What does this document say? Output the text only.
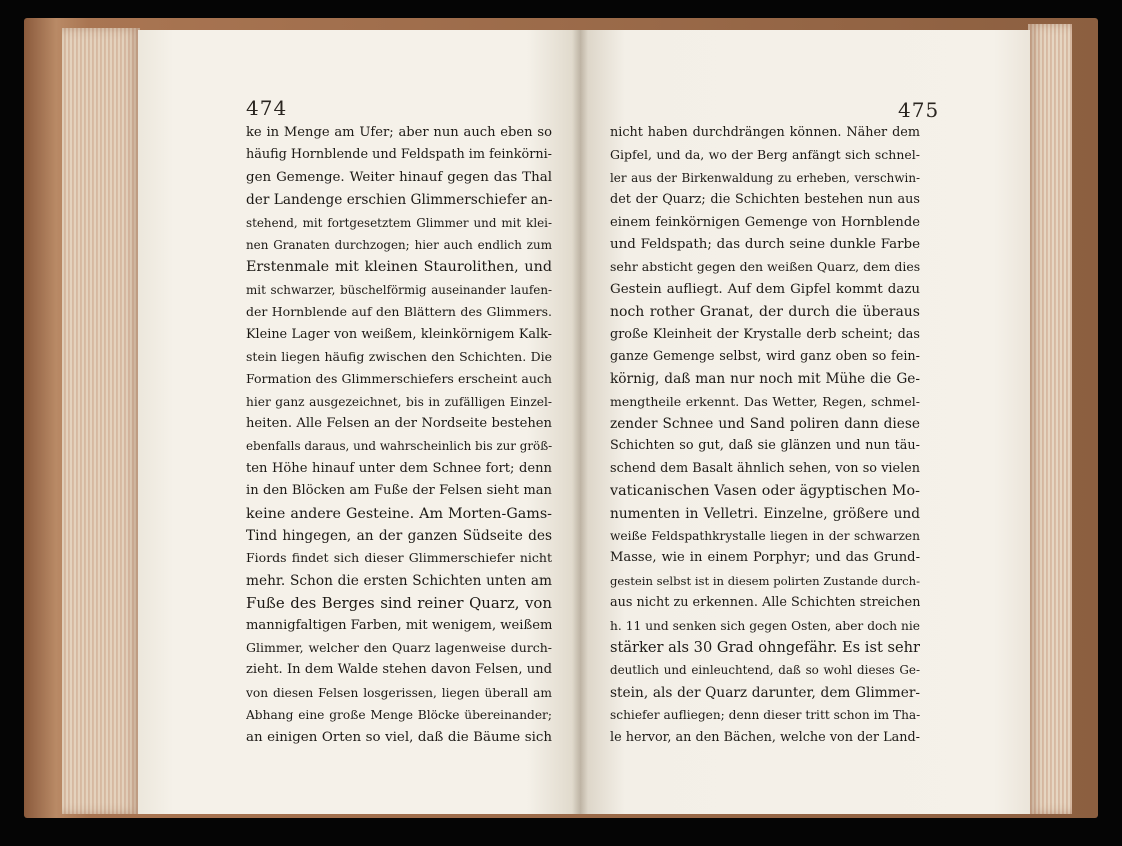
474	475
ke in Menge am Ufer; aber nun auch eben so
häufig Hornblende und Feldspath im feinkörni-
gen Gemenge. Weiter hinauf gegen das Thal
der Landenge erschien Glimmerschiefer an-
stehend, mit fortgesetztem Glimmer und mit klei-
nen Granaten durchzogen; hier auch endlich zum
Erstenmale mit kleinen Staurolithen, und
mit schwarzer, büschelförmig auseinander laufen-
der Hornblende auf den Blättern des Glimmers.
Kleine Lager von weißem, kleinkörnigem Kalk-
stein liegen häufig zwischen den Schichten. Die
Formation des Glimmerschiefers erscheint auch
hier ganz ausgezeichnet, bis in zufälligen Einzel-
heiten. Alle Felsen an der Nordseite bestehen
ebenfalls daraus, und wahrscheinlich bis zur größ-
ten Höhe hinauf unter dem Schnee fort; denn
in den Blöcken am Fuße der Felsen sieht man
keine andere Gesteine. Am Morten-Gams-
Tind hingegen, an der ganzen Südseite des
Fiords findet sich dieser Glimmerschiefer nicht
mehr. Schon die ersten Schichten unten am
Fuße des Berges sind reiner Quarz, von
mannigfaltigen Farben, mit wenigem, weißem
Glimmer, welcher den Quarz lagenweise durch-
zieht. In dem Walde stehen davon Felsen, und
von diesen Felsen losgerissen, liegen überall am
Abhang eine große Menge Blöcke übereinander;
an einigen Orten so viel, daß die Bäume sich
nicht haben durchdrängen können. Näher dem
Gipfel, und da, wo der Berg anfängt sich schnel-
ler aus der Birkenwaldung zu erheben, verschwin-
det der Quarz; die Schichten bestehen nun aus
einem feinkörnigen Gemenge von Hornblende
und Feldspath; das durch seine dunkle Farbe
sehr absticht gegen den weißen Quarz, dem dies
Gestein aufliegt. Auf dem Gipfel kommt dazu
noch rother Granat, der durch die überaus
große Kleinheit der Krystalle derb scheint; das
ganze Gemenge selbst, wird ganz oben so fein-
körnig, daß man nur noch mit Mühe die Ge-
mengtheile erkennt. Das Wetter, Regen, schmel-
zender Schnee und Sand poliren dann diese
Schichten so gut, daß sie glänzen und nun täu-
schend dem Basalt ähnlich sehen, von so vielen
vaticanischen Vasen oder ägyptischen Mo-
numenten in Velletri. Einzelne, größere und
weiße Feldspathkrystalle liegen in der schwarzen
Masse, wie in einem Porphyr; und das Grund-
gestein selbst ist in diesem polirten Zustande durch-
aus nicht zu erkennen. Alle Schichten streichen
h. 11 und senken sich gegen Osten, aber doch nie
stärker als 30 Grad ohngefähr. Es ist sehr
deutlich und einleuchtend, daß so wohl dieses Ge-
stein, als der Quarz darunter, dem Glimmer-
schiefer aufliegen; denn dieser tritt schon im Tha-
le hervor, an den Bächen, welche von der Land-
